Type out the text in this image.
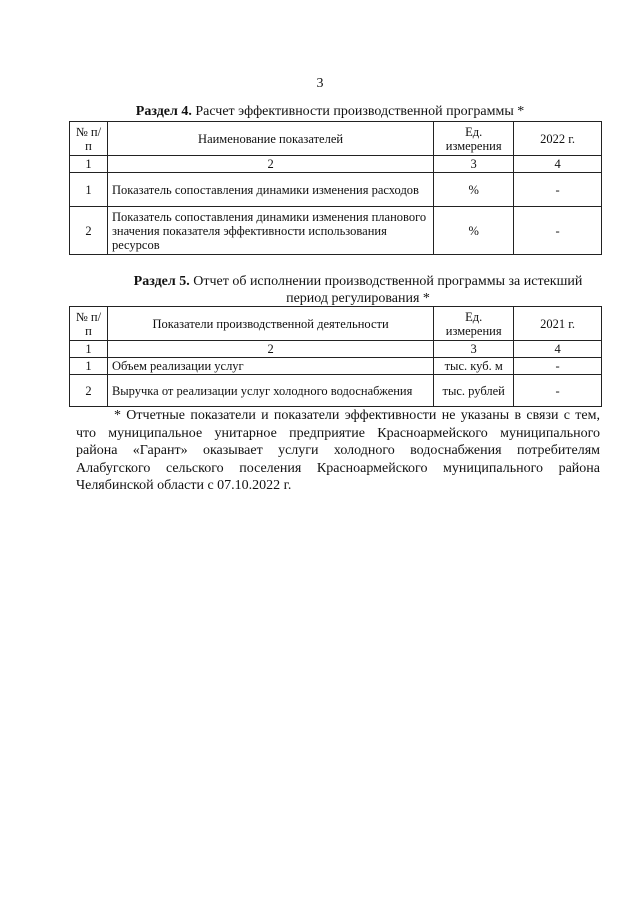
3
Раздел 4. Расчет эффективности производственной программы *
№ п/п	Наименование показателей	Ед. измерения	2022 г.
1	2	3	4
1	Показатель сопоставления динамики изменения расходов	%	-
2	Показатель сопоставления динамики изменения планового значения показателя эффективности использования ресурсов	%	-
Раздел 5. Отчет об исполнении производственной программы за истекший период регулирования *
№ п/п	Показатели производственной деятельности	Ед. измерения	2021 г.
1	2	3	4
1	Объем реализации услуг	тыс. куб. м	-
2	Выручка от реализации услуг холодного водоснабжения	тыс. рублей	-

* Отчетные показатели и показатели эффективности не указаны в связи с тем, что муниципальное унитарное предприятие Красноармейского муниципального района «Гарант» оказывает услуги холодного водоснабжения потребителям Алабугского сельского поселения Красноармейского муниципального района Челябинской области с 07.10.2022 г.
